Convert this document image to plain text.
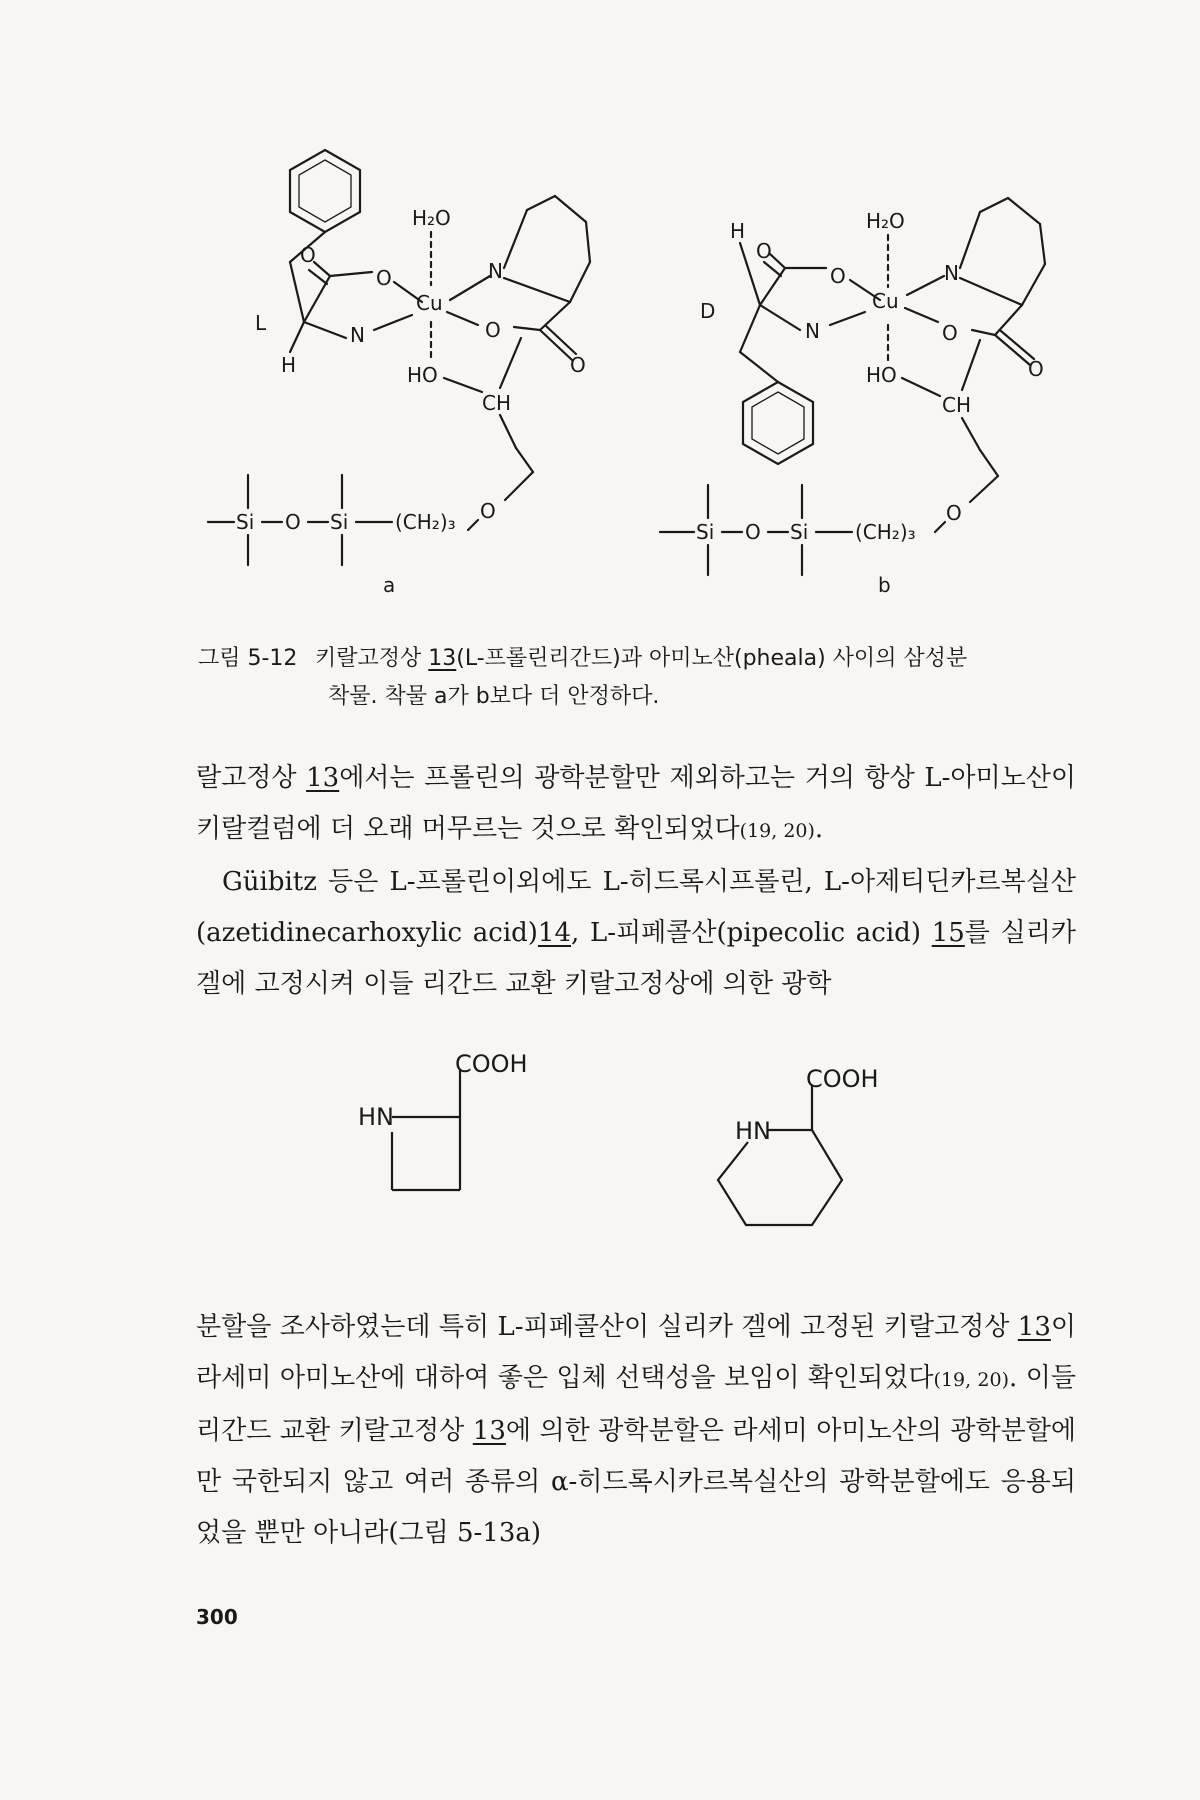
L
H
H₂O
O
O
N
Cu
N
O
O
HO
CH
O
Si O Si (CH₂)₃
a
D
H	H₂O
O
O
N
Cu
N
O
O
HO
CH
O
Si O Si (CH₂)₃
b
그림 5-12 키랄고정상 13(L-프롤린리간드)과 아미노산(pheala) 사이의 삼성분
착물. 착물 a가 b보다 더 안정하다.

랄고정상 13에서는 프롤린의 광학분할만 제외하고는 거의 항상 L-아미노산이 키랄컬럼에 더 오래 머무르는 것으로 확인되었다(19, 20).

Güibitz 등은 L-프롤린이외에도 L-히드록시프롤린, L-아제티딘카르복실산(azetidinecarhoxylic acid)14, L-피페콜산(pipecolic acid) 15를 실리카 겔에 고정시켜 이들 리간드 교환 키랄고정상에 의한 광학

COOH
HN
COOH
HN

분할을 조사하였는데 특히 L-피페콜산이 실리카 겔에 고정된 키랄고정상 13이 라세미 아미노산에 대하여 좋은 입체 선택성을 보임이 확인되었다(19, 20). 이들 리간드 교환 키랄고정상 13에 의한 광학분할은 라세미 아미노산의 광학분할에만 국한되지 않고 여러 종류의 α-히드록시카르복실산의 광학분할에도 응용되었을 뿐만 아니라(그림 5-13a)

300
